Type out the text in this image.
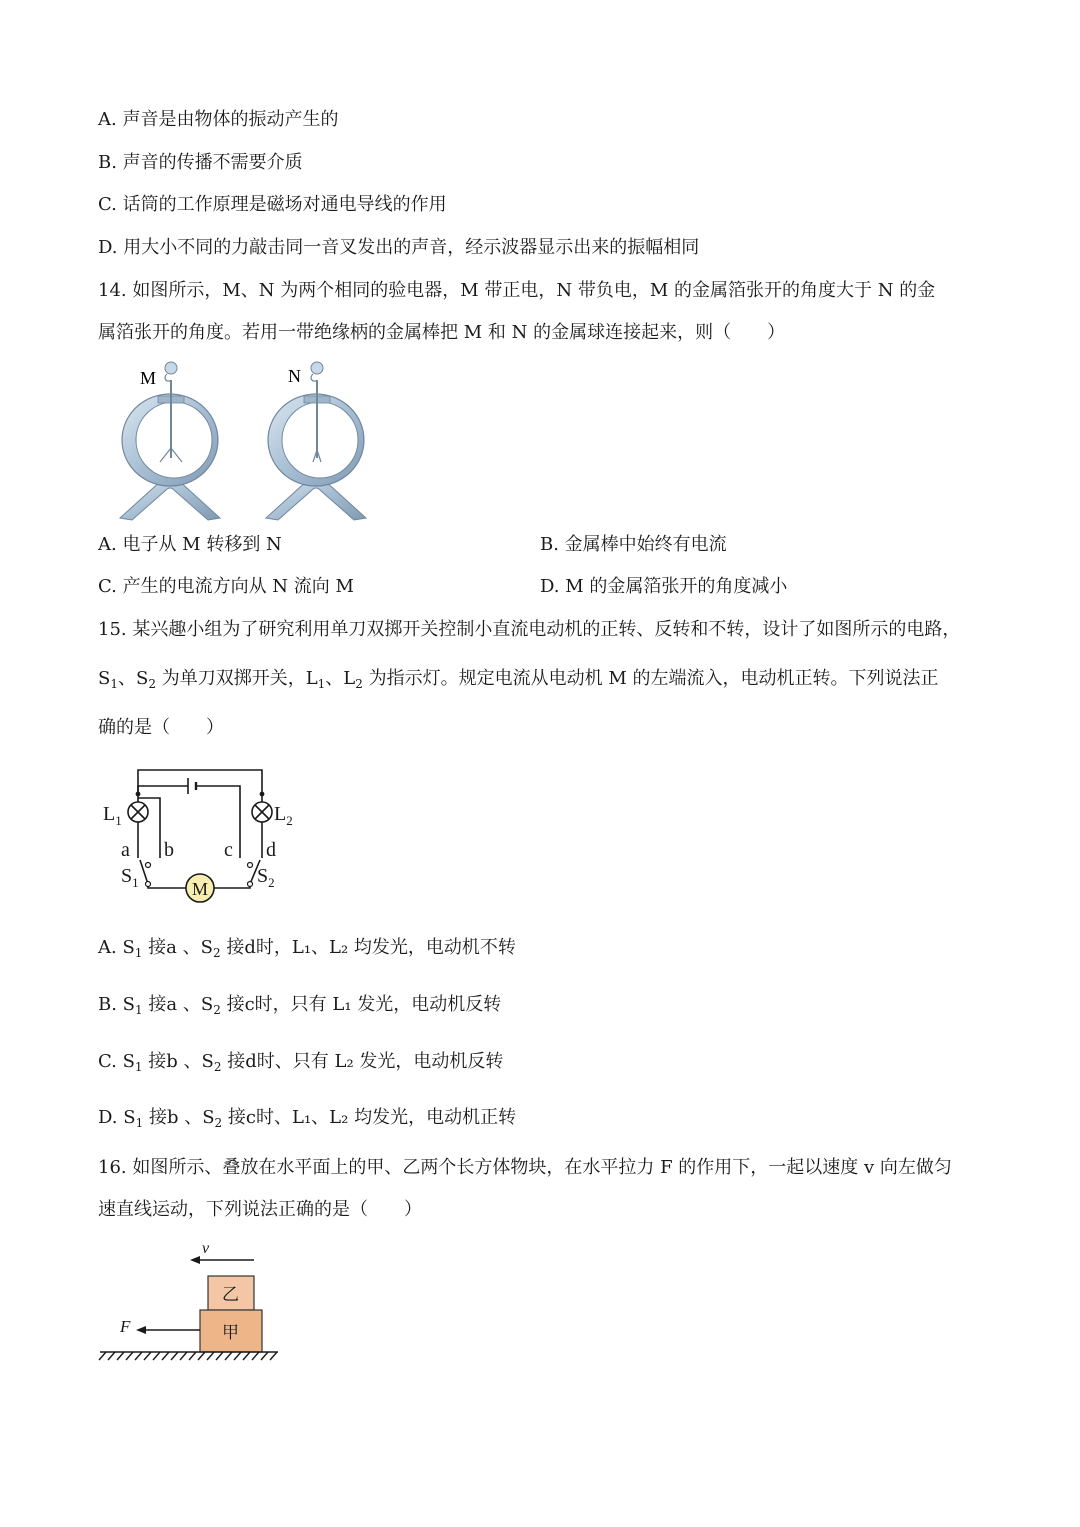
A. 声音是由物体的振动产生的
B. 声音的传播不需要介质
C. 话筒的工作原理是磁场对通电导线的作用
D. 用大小不同的力敲击同一音叉发出的声音，经示波器显示出来的振幅相同
14. 如图所示，M、N 为两个相同的验电器，M 带正电，N 带负电，M 的金属箔张开的角度大于 N 的金
属箔张开的角度。若用一带绝缘柄的金属棒把 M 和 N 的金属球连接起来，则（　　）
M	N
A. 电子从 M 转移到 N	B. 金属棒中始终有电流
C. 产生的电流方向从 N 流向 M	D. M 的金属箔张开的角度减小
15. 某兴趣小组为了研究利用单刀双掷开关控制小直流电动机的正转、反转和不转，设计了如图所示的电路，
$S_1$、$S_2$ 为单刀双掷开关，$L_1$、$L_2$ 为指示灯。规定电流从电动机 M 的左端流入，电动机正转。下列说法正
确的是（　　）
M
$L_1$	$L_2$
a b	c d
$S_1$	$S_2$
A. $S_1$ 接a 、$S_2$ 接d时，L₁、L₂ 均发光，电动机不转
B. $S_1$ 接a 、$S_2$ 接c时，只有 L₁ 发光，电动机反转
C. $S_1$ 接b 、$S_2$ 接d时、只有 L₂ 发光，电动机反转
D. $S_1$ 接b 、$S_2$ 接c时、L₁、L₂ 均发光，电动机正转
16. 如图所示、叠放在水平面上的甲、乙两个长方体物块，在水平拉力 F 的作用下，一起以速度 v 向左做匀
速直线运动，下列说法正确的是（　　）
v
乙
甲
F
